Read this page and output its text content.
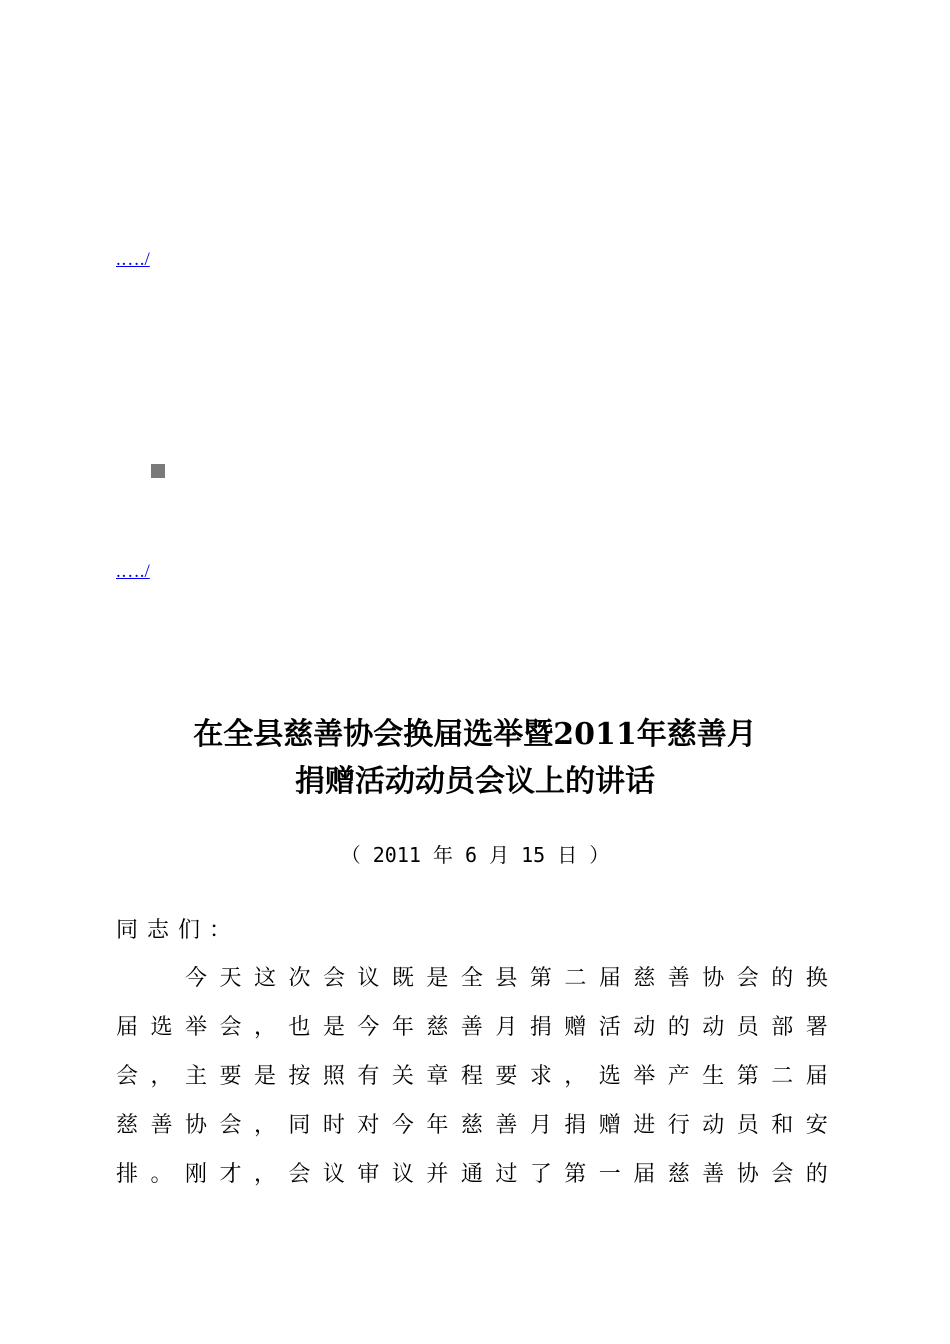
.…./
.…./
在全县慈善协会换届选举暨2011年慈善月
捐赠活动动员会议上的讲话
（ 2011 年 6 月 15 日 ）
同志们：
今 天 这 次 会 议 既 是 全 县 第 二 届 慈 善 协 会 的 换
届 选 举 会 ， 也 是 今 年 慈 善 月 捐 赠 活 动 的 动 员 部 署
会 ， 主 要 是 按 照 有 关 章 程 要 求 ， 选 举 产 生 第 二 届
慈 善 协 会 ， 同 时 对 今 年 慈 善 月 捐 赠 进 行 动 员 和 安
排 。 刚 才 ， 会 议 审 议 并 通 过 了 第 一 届 慈 善 协 会 的
